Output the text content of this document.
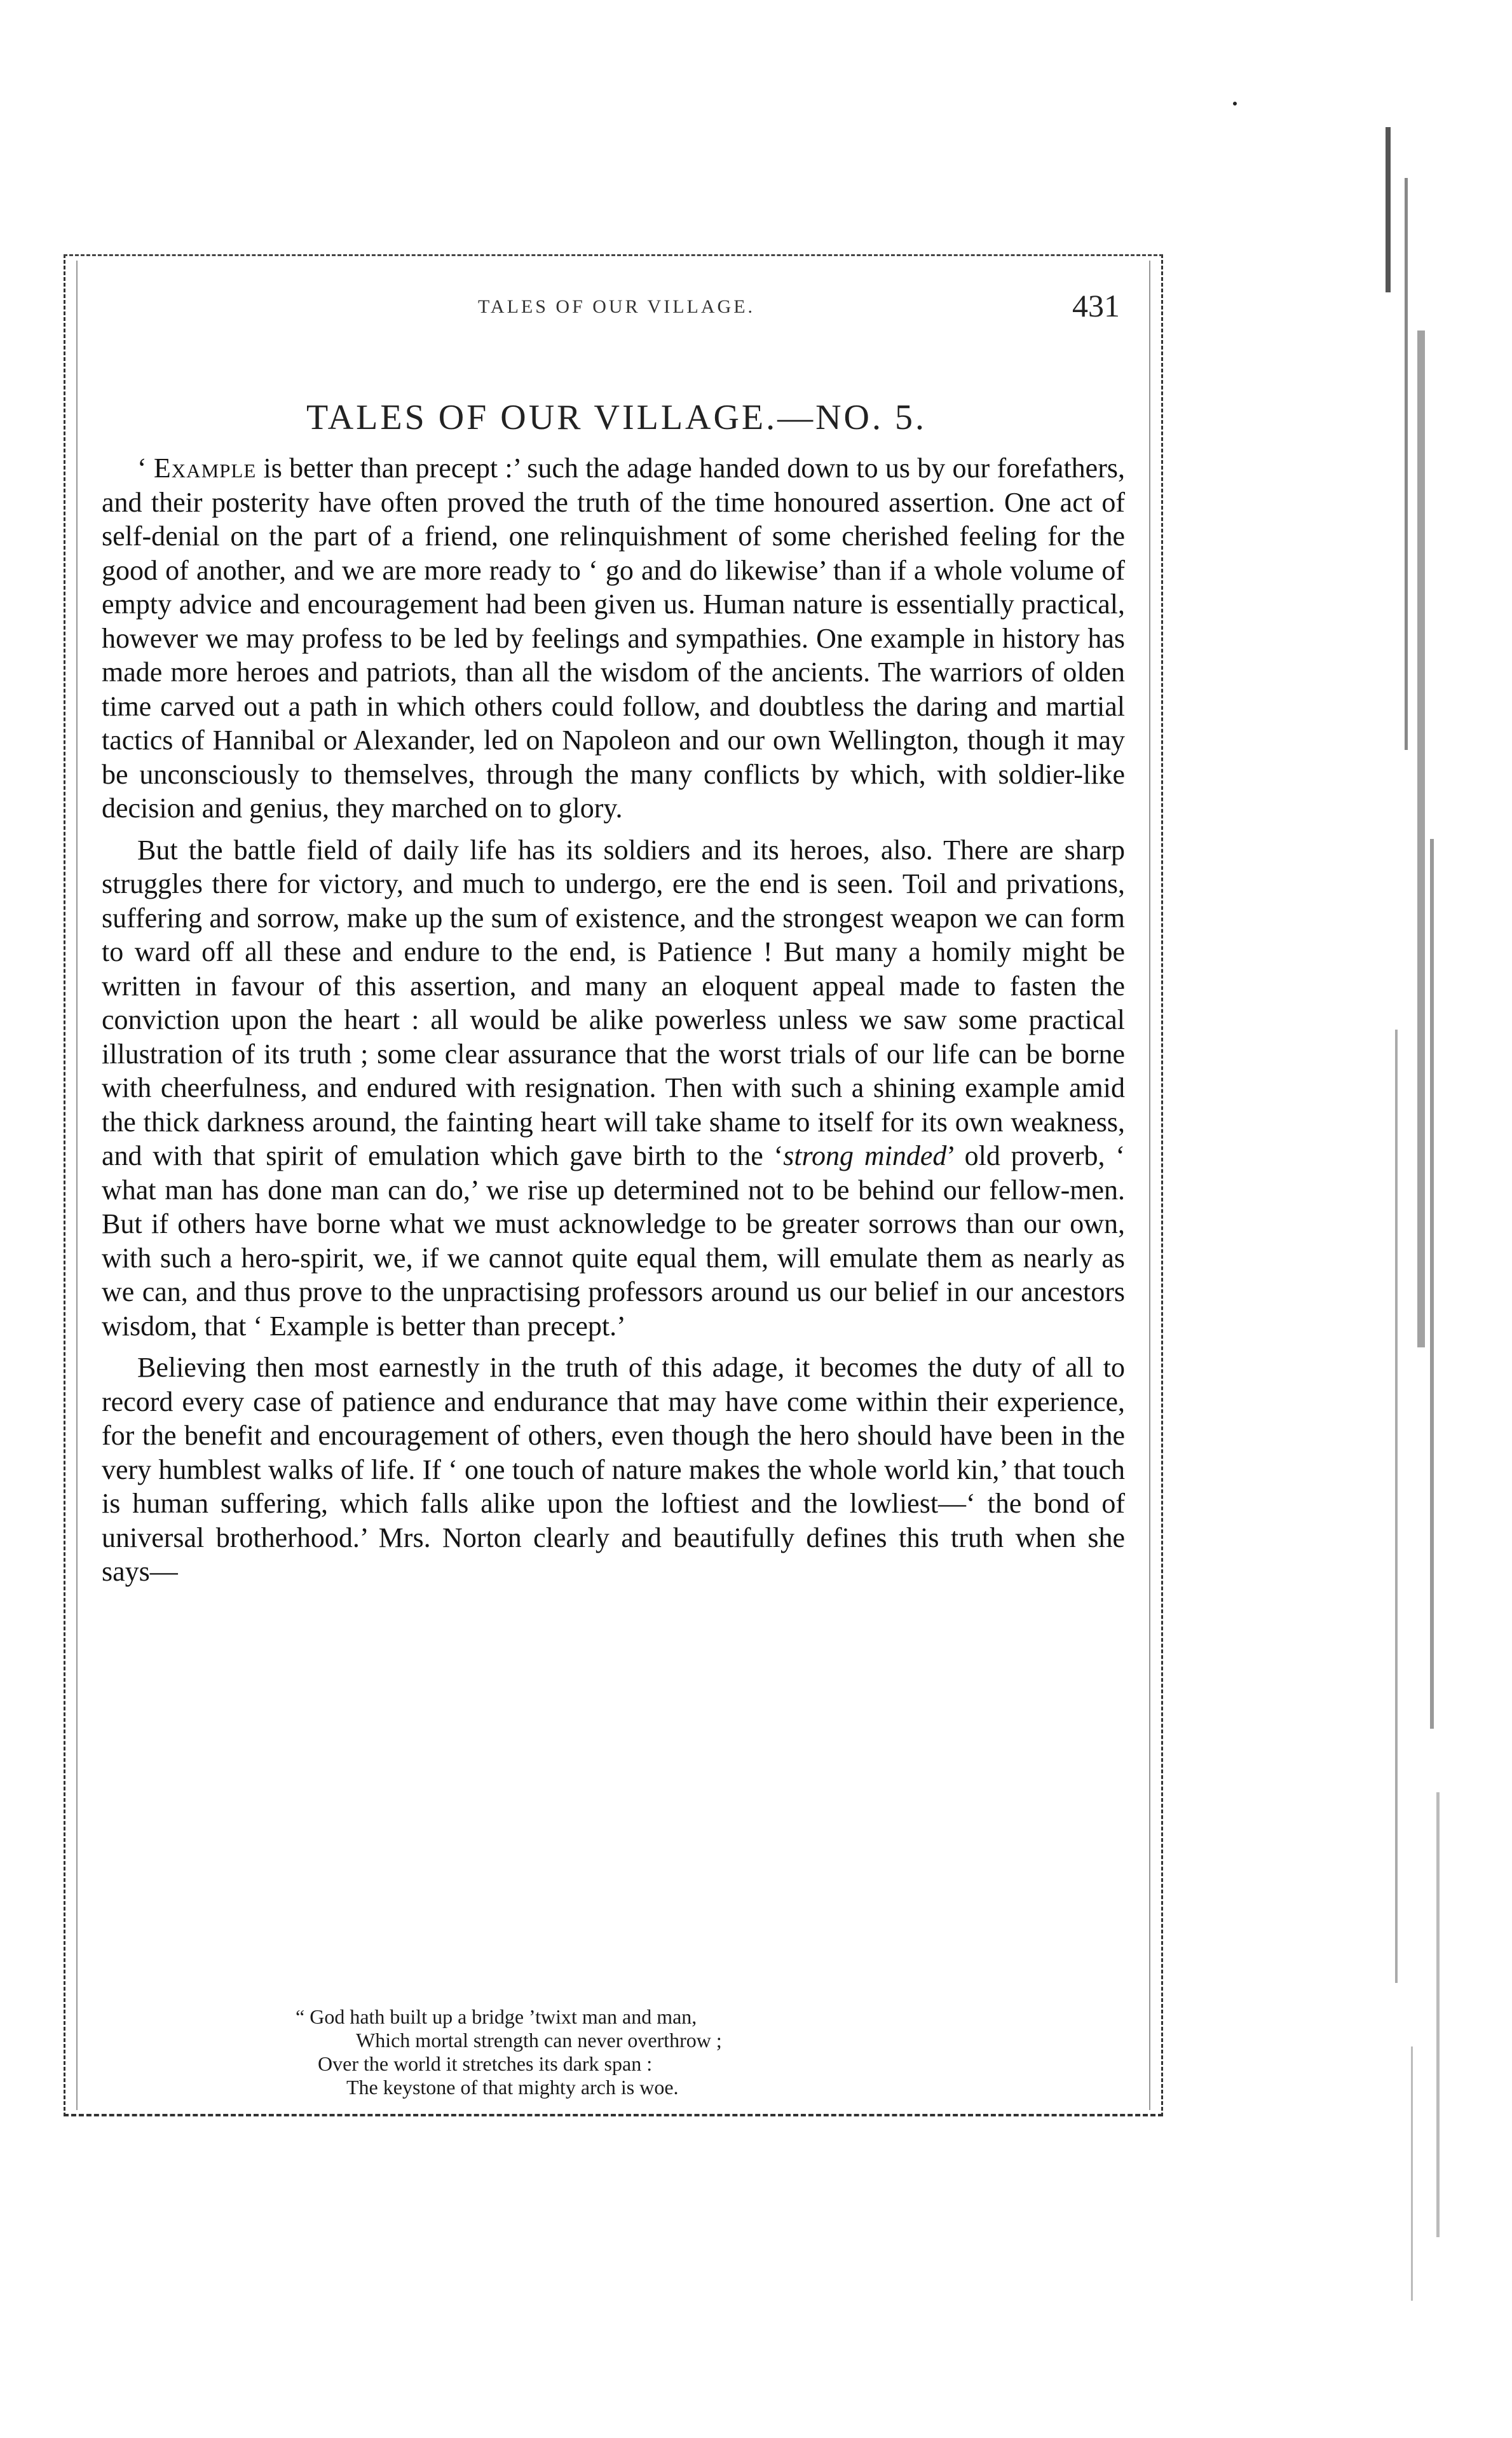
TALES OF OUR VILLAGE.	431
TALES OF OUR VILLAGE.—NO. 5.

‘ Example is better than precept :’ such the adage handed down to us by our forefathers, and their posterity have often proved the truth of the time honoured assertion. One act of self-denial on the part of a friend, one relinquishment of some cherished feeling for the good of another, and we are more ready to ‘ go and do likewise’ than if a whole volume of empty advice and encouragement had been given us. Human nature is essentially practical, however we may profess to be led by feelings and sympathies. One example in history has made more heroes and patriots, than all the wisdom of the ancients. The warriors of olden time carved out a path in which others could follow, and doubtless the daring and martial tactics of Hannibal or Alexander, led on Napoleon and our own Wellington, though it may be unconsciously to themselves, through the many conflicts by which, with soldier-like decision and genius, they marched on to glory.

But the battle field of daily life has its soldiers and its heroes, also. There are sharp struggles there for victory, and much to undergo, ere the end is seen. Toil and privations, suffering and sorrow, make up the sum of existence, and the strongest weapon we can form to ward off all these and endure to the end, is Patience ! But many a homily might be written in favour of this assertion, and many an eloquent appeal made to fasten the conviction upon the heart : all would be alike powerless unless we saw some practical illustration of its truth ; some clear assurance that the worst trials of our life can be borne with cheerfulness, and endured with resignation. Then with such a shining example amid the thick darkness around, the fainting heart will take shame to itself for its own weakness, and with that spirit of emulation which gave birth to the ‘strong minded’ old proverb, ‘ what man has done man can do,’ we rise up determined not to be behind our fellow-men. But if others have borne what we must acknowledge to be greater sorrows than our own, with such a hero-spirit, we, if we cannot quite equal them, will emulate them as nearly as we can, and thus prove to the unpractising professors around us our belief in our ancestors wisdom, that ‘ Example is better than precept.’

Believing then most earnestly in the truth of this adage, it becomes the duty of all to record every case of patience and endurance that may have come within their experience, for the benefit and encouragement of others, even though the hero should have been in the very humblest walks of life. If ‘ one touch of nature makes the whole world kin,’ that touch is human suffering, which falls alike upon the loftiest and the lowliest—‘ the bond of universal brotherhood.’ Mrs. Norton clearly and beautifully defines this truth when she says—

“ God hath built up a bridge ’twixt man and man,
Which mortal strength can never overthrow ;
Over the world it stretches its dark span :
The keystone of that mighty arch is woe.
